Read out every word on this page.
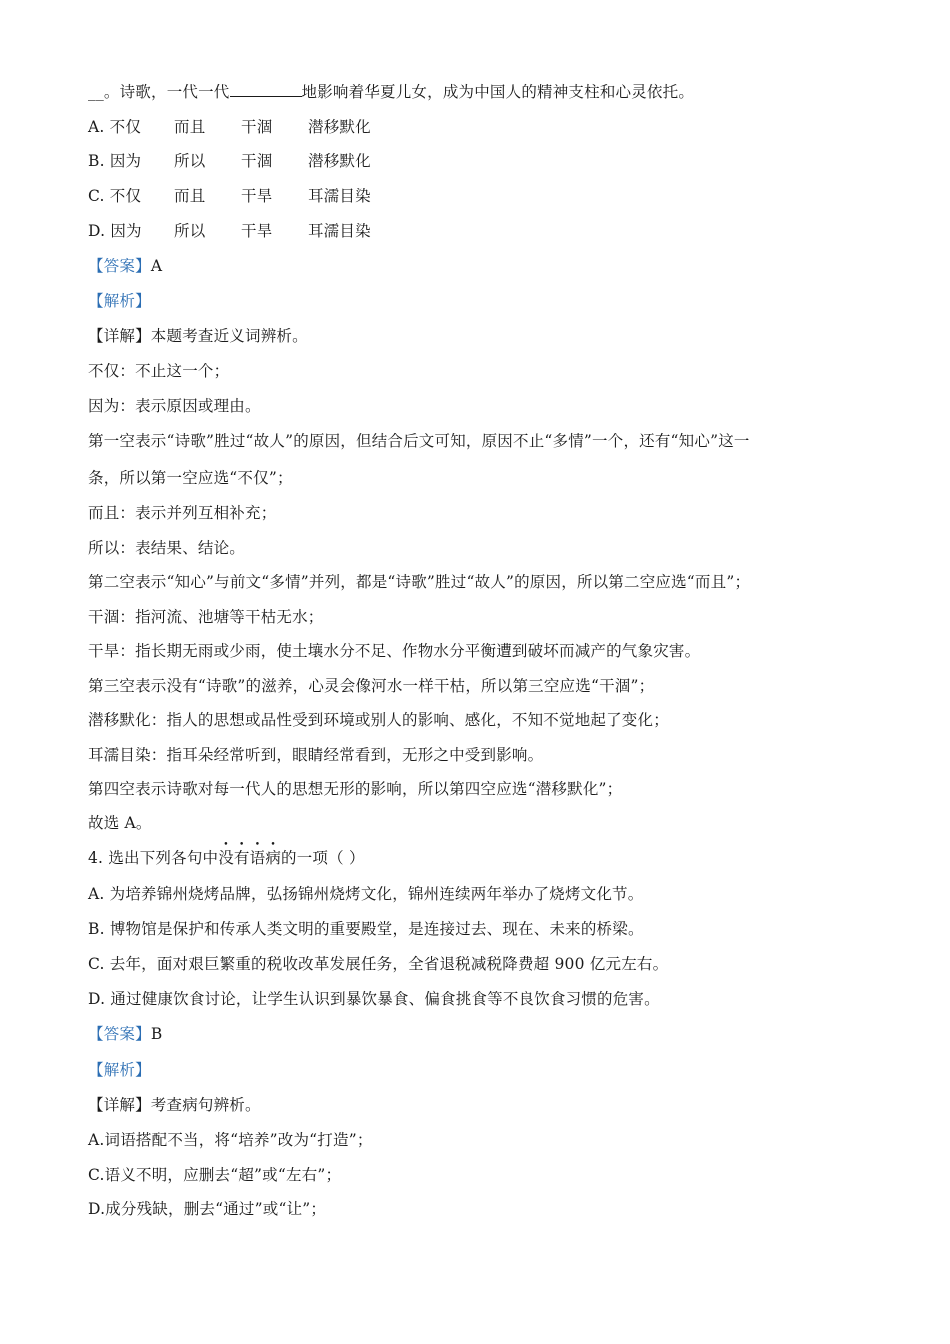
__。诗歌，一代一代	地影响着华夏儿女，成为中国人的精神支柱和心灵依托。
A. 不仅 而且 干涸 潜移默化
B. 因为 所以 干涸 潜移默化
C. 不仅 而且 干旱 耳濡目染
D. 因为 所以 干旱 耳濡目染
【答案】A
【解析】
【详解】本题考查近义词辨析。
不仅：不止这一个；
因为：表示原因或理由。
第一空表示“诗歌”胜过“故人”的原因，但结合后文可知，原因不止“多情”一个，还有“知心”这一
条，所以第一空应选“不仅”；
而且：表示并列互相补充；
所以：表结果、结论。
第二空表示“知心”与前文“多情”并列，都是“诗歌”胜过“故人”的原因，所以第二空应选“而且”；
干涸：指河流、池塘等干枯无水；
干旱：指长期无雨或少雨，使土壤水分不足、作物水分平衡遭到破坏而减产的气象灾害。
第三空表示没有“诗歌”的滋养，心灵会像河水一样干枯，所以第三空应选“干涸”；
潜移默化：指人的思想或品性受到环境或别人的影响、感化，不知不觉地起了变化；
耳濡目染：指耳朵经常听到，眼睛经常看到，无形之中受到影响。
第四空表示诗歌对每一代人的思想无形的影响，所以第四空应选“潜移默化”；
故选 A。
4. 选出下列各句中
•
没
•
有
•
语
•
病的一项（ ）
A. 为培养锦州烧烤品牌，弘扬锦州烧烤文化，锦州连续两年举办了烧烤文化节。
B. 博物馆是保护和传承人类文明的重要殿堂，是连接过去、现在、未来的桥梁。
C. 去年，面对艰巨繁重的税收改革发展任务，全省退税减税降费超 900 亿元左右。
D. 通过健康饮食讨论，让学生认识到暴饮暴食、偏食挑食等不良饮食习惯的危害。
【答案】B
【解析】
【详解】考查病句辨析。
A.词语搭配不当，将“培养”改为“打造”；
C.语义不明，应删去“超”或“左右”；
D.成分残缺，删去“通过”或“让”；
